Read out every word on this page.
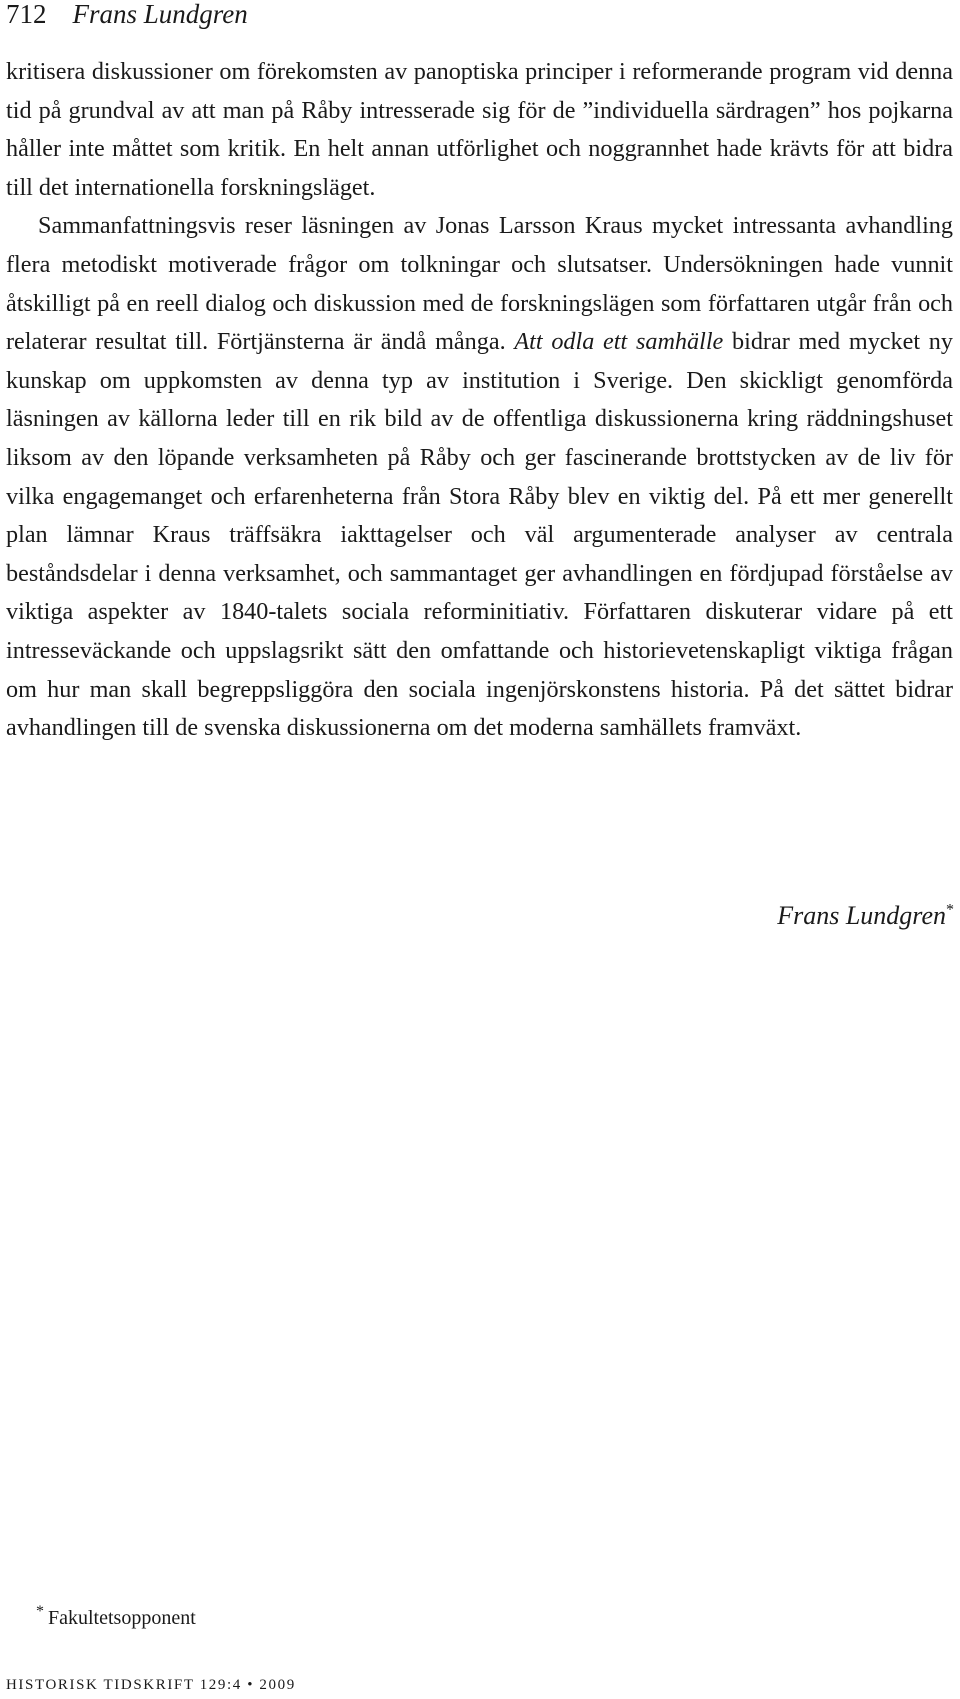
712 Frans Lundgren

kritisera diskussioner om förekomsten av panoptiska principer i reformerande program vid denna tid på grundval av att man på Råby intresserade sig för de ”individuella särdragen” hos pojkarna håller inte måttet som kritik. En helt annan utförlighet och noggrannhet hade krävts för att bidra till det internationella forskningsläget.

Sammanfattningsvis reser läsningen av Jonas Larsson Kraus mycket intressanta avhandling flera metodiskt motiverade frågor om tolkningar och slutsatser. Undersökningen hade vunnit åtskilligt på en reell dialog och diskussion med de forskningslägen som författaren utgår från och relaterar resultat till. Förtjänsterna är ändå många. Att odla ett samhälle bidrar med mycket ny kunskap om uppkomsten av denna typ av institution i Sverige. Den skickligt genomförda läsningen av källorna leder till en rik bild av de offentliga diskussionerna kring räddningshuset liksom av den löpande verksamheten på Råby och ger fascinerande brottstycken av de liv för vilka engagemanget och erfarenheterna från Stora Råby blev en viktig del. På ett mer generellt plan lämnar Kraus träffsäkra iakttagelser och väl argumenterade analyser av centrala beståndsdelar i denna verksamhet, och sammantaget ger avhandlingen en fördjupad förståelse av viktiga aspekter av 1840-talets sociala reforminitiativ. Författaren diskuterar vidare på ett intresseväckande och uppslagsrikt sätt den omfattande och historievetenskapligt viktiga frågan om hur man skall begreppsliggöra den sociala ingenjörskonstens historia. På det sättet bidrar avhandlingen till de svenska diskussionerna om det moderna samhällets framväxt.

Frans Lundgren*
* Fakultetsopponent
HISTORISK TIDSKRIFT 129:4 • 2009
